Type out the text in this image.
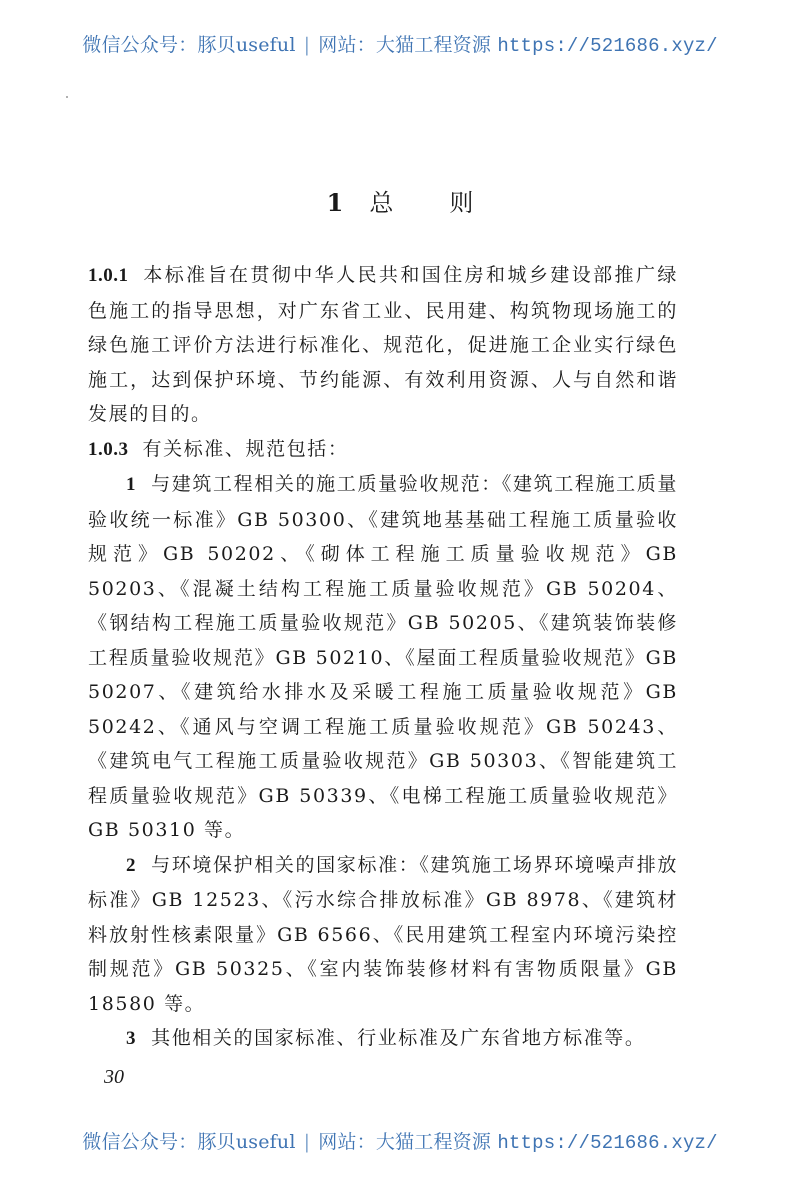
微信公众号：豚贝useful | 网站：大猫工程资源 https://521686.xyz/
1 总 则

1.0.1 本标准旨在贯彻中华人民共和国住房和城乡建设部推广绿色施工的指导思想，对广东省工业、民用建、构筑物现场施工的绿色施工评价方法进行标准化、规范化，促进施工企业实行绿色施工，达到保护环境、节约能源、有效利用资源、人与自然和谐发展的目的。

1.0.3 有关标准、规范包括：

1 与建筑工程相关的施工质量验收规范：《建筑工程施工质量验收统一标准》GB 50300、《建筑地基基础工程施工质量验收规范》GB 50202、《砌体工程施工质量验收规范》GB 50203、《混凝土结构工程施工质量验收规范》GB 50204、《钢结构工程施工质量验收规范》GB 50205、《建筑装饰装修工程质量验收规范》GB 50210、《屋面工程质量验收规范》GB 50207、《建筑给水排水及采暖工程施工质量验收规范》GB 50242、《通风与空调工程施工质量验收规范》GB 50243、《建筑电气工程施工质量验收规范》GB 50303、《智能建筑工程质量验收规范》GB 50339、《电梯工程施工质量验收规范》GB 50310 等。

2 与环境保护相关的国家标准：《建筑施工场界环境噪声排放标准》GB 12523、《污水综合排放标准》GB 8978、《建筑材料放射性核素限量》GB 6566、《民用建筑工程室内环境污染控制规范》GB 50325、《室内装饰装修材料有害物质限量》GB 18580 等。

3 其他相关的国家标准、行业标准及广东省地方标准等。

30
微信公众号：豚贝useful | 网站：大猫工程资源 https://521686.xyz/
